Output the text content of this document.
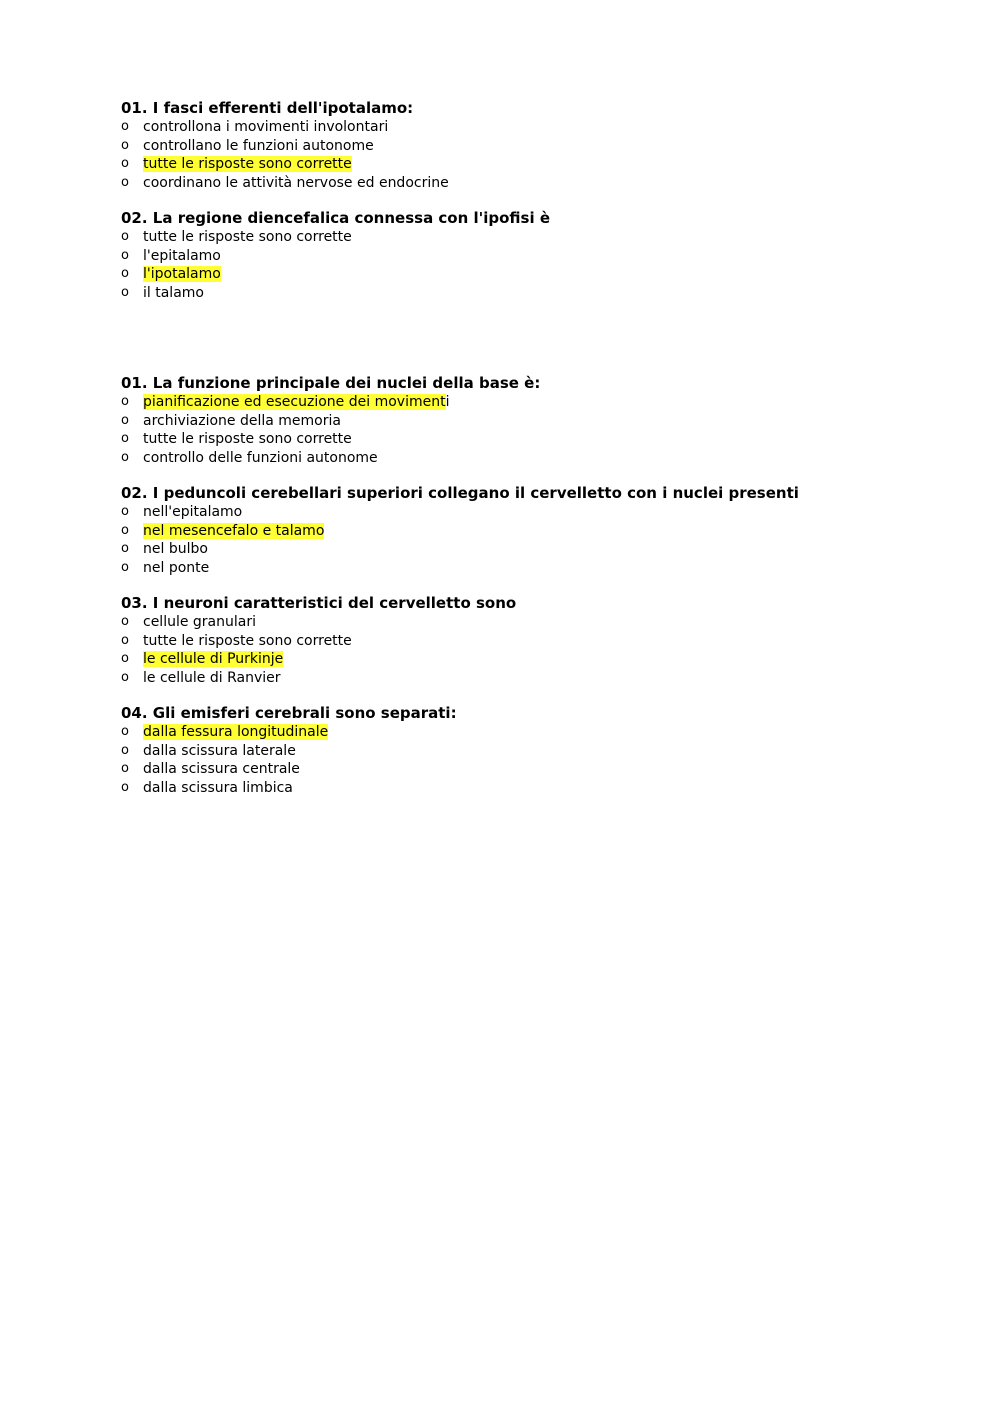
01. I fasci efferenti dell'ipotalamo:
o	controllona i movimenti involontari
o	controllano le funzioni autonome
o	tutte le risposte sono corrette
o	coordinano le attività nervose ed endocrine
02. La regione diencefalica connessa con l'ipofisi è
o	tutte le risposte sono corrette
o	l'epitalamo
o	l'ipotalamo
o	il talamo
01. La funzione principale dei nuclei della base è:
o	pianificazione ed esecuzione dei movimenti
o	archiviazione della memoria
o	tutte le risposte sono corrette
o	controllo delle funzioni autonome
02. I peduncoli cerebellari superiori collegano il cervelletto con i nuclei presenti
o	nell'epitalamo
o	nel mesencefalo e talamo
o	nel bulbo
o	nel ponte
03. I neuroni caratteristici del cervelletto sono
o	cellule granulari
o	tutte le risposte sono corrette
o	le cellule di Purkinje
o	le cellule di Ranvier
04. Gli emisferi cerebrali sono separati:
o	dalla fessura longitudinale
o	dalla scissura laterale
o	dalla scissura centrale
o	dalla scissura limbica
